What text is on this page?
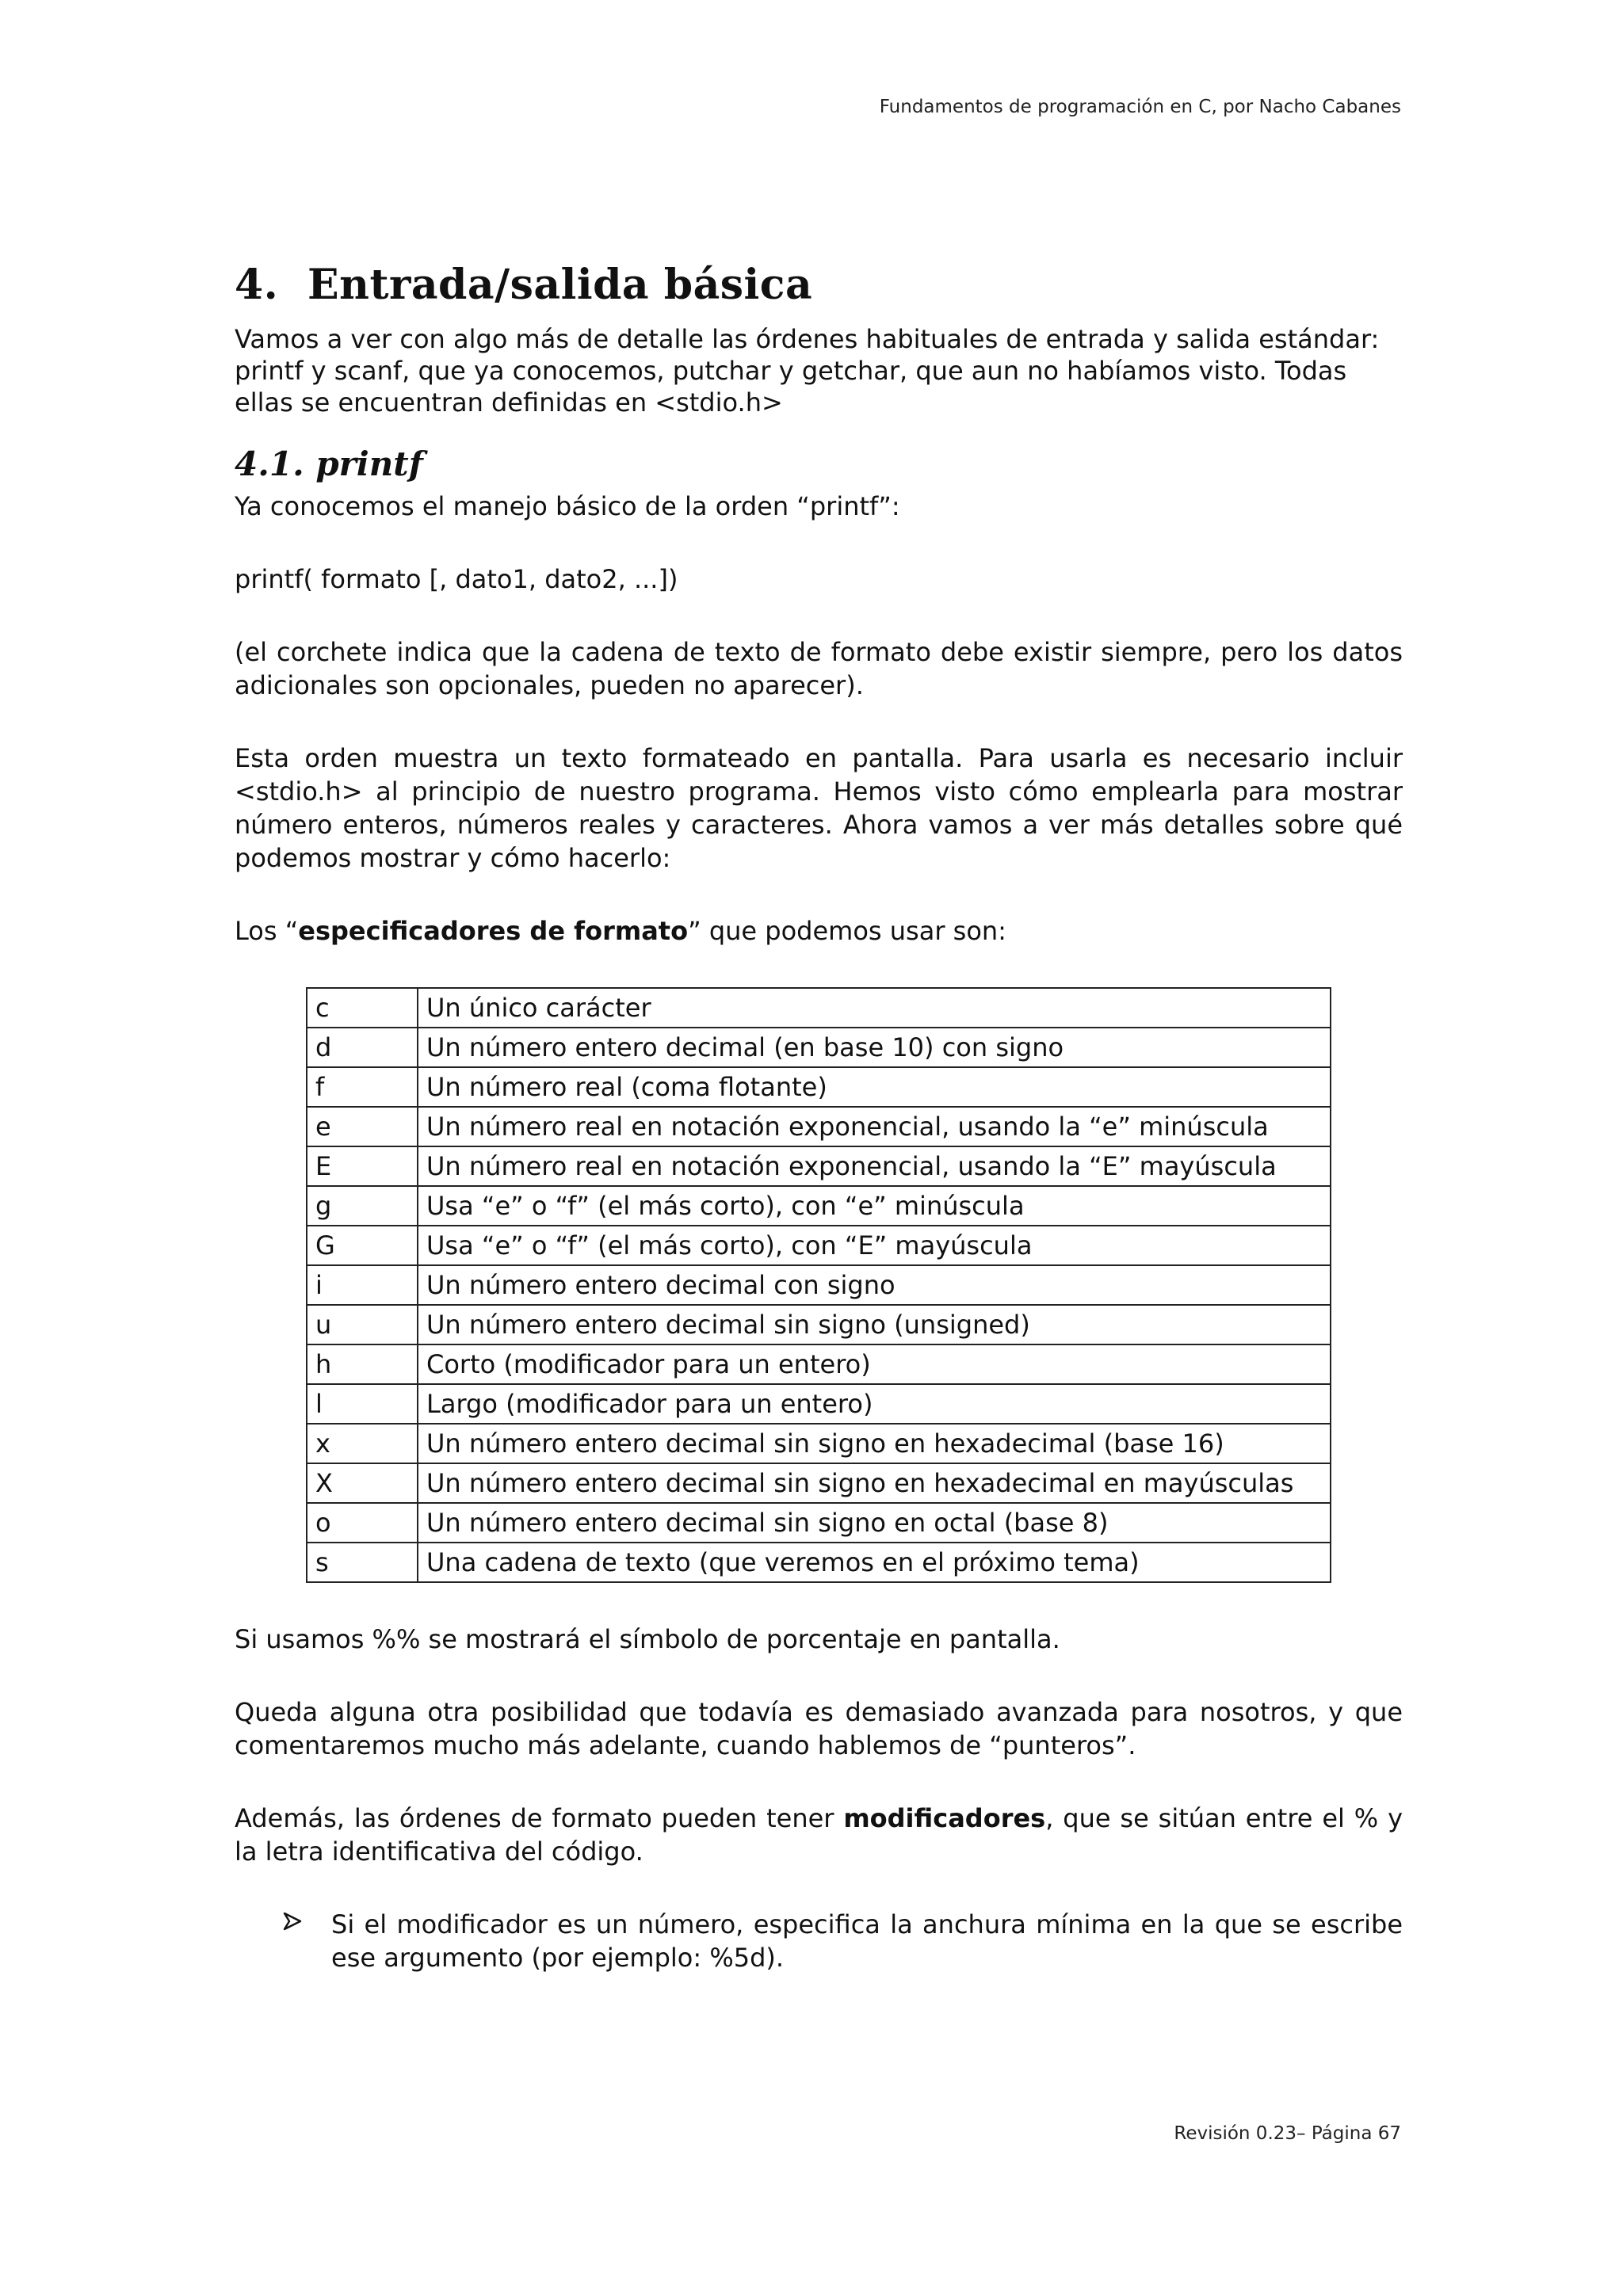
Fundamentos de programación en C, por Nacho Cabanes
4. Entrada/salida básica

Vamos a ver con algo más de detalle las órdenes habituales de entrada y salida estándar: printf y scanf, que ya conocemos, putchar y getchar, que aun no habíamos visto. Todas ellas se encuentran definidas en <stdio.h>

4.1. printf

Ya conocemos el manejo básico de la orden “printf”:

printf( formato [, dato1, dato2, ...])

(el corchete indica que la cadena de texto de formato debe existir siempre, pero los datos adicionales son opcionales, pueden no aparecer).

Esta orden muestra un texto formateado en pantalla. Para usarla es necesario incluir <stdio.h> al principio de nuestro programa. Hemos visto cómo emplearla para mostrar número enteros, números reales y caracteres. Ahora vamos a ver más detalles sobre qué podemos mostrar y cómo hacerlo:

Los “especificadores de formato” que podemos usar son:

c	Un único carácter
d	Un número entero decimal (en base 10) con signo
f	Un número real (coma flotante)
e	Un número real en notación exponencial, usando la “e” minúscula
E	Un número real en notación exponencial, usando la “E” mayúscula
g	Usa “e” o “f” (el más corto), con “e” minúscula
G	Usa “e” o “f” (el más corto), con “E” mayúscula
i	Un número entero decimal con signo
u	Un número entero decimal sin signo (unsigned)
h	Corto (modificador para un entero)
l	Largo (modificador para un entero)
x	Un número entero decimal sin signo en hexadecimal (base 16)
X	Un número entero decimal sin signo en hexadecimal en mayúsculas
o	Un número entero decimal sin signo en octal (base 8)
s	Una cadena de texto (que veremos en el próximo tema)

Si usamos %% se mostrará el símbolo de porcentaje en pantalla.

Queda alguna otra posibilidad que todavía es demasiado avanzada para nosotros, y que comentaremos mucho más adelante, cuando hablemos de “punteros”.

Además, las órdenes de formato pueden tener modificadores, que se sitúan entre el % y la letra identificativa del código.

Si el modificador es un número, especifica la anchura mínima en la que se escribe ese argumento (por ejemplo: %5d).

Revisión 0.23– Página 67
